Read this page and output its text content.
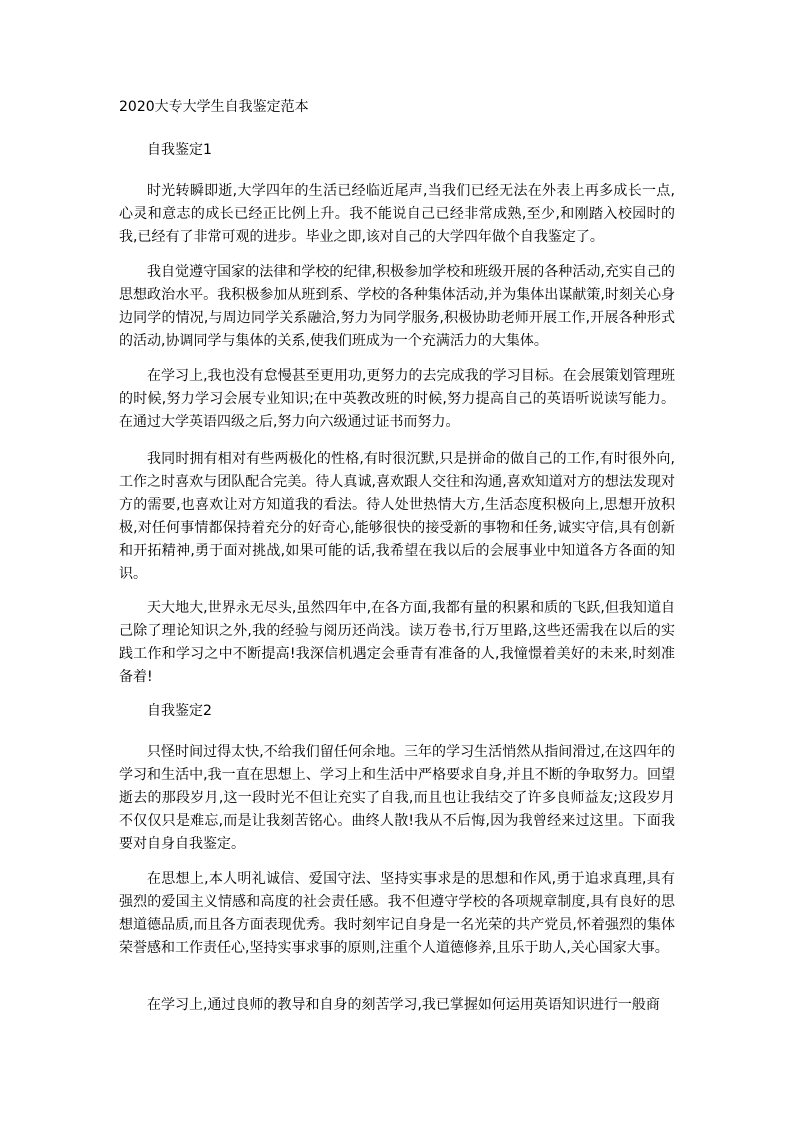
2020大专大学生自我鉴定范本
自我鉴定1

时光转瞬即逝,大学四年的生活已经临近尾声,当我们已经无法在外表上再多成长一点,心灵和意志的成长已经正比例上升。我不能说自己已经非常成熟,至少,和刚踏入校园时的我,已经有了非常可观的进步。毕业之即,该对自己的大学四年做个自我鉴定了。

我自觉遵守国家的法律和学校的纪律,积极参加学校和班级开展的各种活动,充实自己的思想政治水平。我积极参加从班到系、学校的各种集体活动,并为集体出谋献策,时刻关心身边同学的情况,与周边同学关系融洽,努力为同学服务,积极协助老师开展工作,开展各种形式的活动,协调同学与集体的关系,使我们班成为一个充满活力的大集体。

在学习上,我也没有怠慢甚至更用功,更努力的去完成我的学习目标。在会展策划管理班的时候,努力学习会展专业知识;在中英教改班的时候,努力提高自己的英语听说读写能力。在通过大学英语四级之后,努力向六级通过证书而努力。

我同时拥有相对有些两极化的性格,有时很沉默,只是拼命的做自己的工作,有时很外向,工作之时喜欢与团队配合完美。待人真诚,喜欢跟人交往和沟通,喜欢知道对方的想法发现对方的需要,也喜欢让对方知道我的看法。待人处世热情大方,生活态度积极向上,思想开放积极,对任何事情都保持着充分的好奇心,能够很快的接受新的事物和任务,诚实守信,具有创新和开拓精神,勇于面对挑战,如果可能的话,我希望在我以后的会展事业中知道各方各面的知识。

天大地大,世界永无尽头,虽然四年中,在各方面,我都有量的积累和质的飞跃,但我知道自己除了理论知识之外,我的经验与阅历还尚浅。读万卷书,行万里路,这些还需我在以后的实践工作和学习之中不断提高!我深信机遇定会垂青有准备的人,我憧憬着美好的未来,时刻准备着!

自我鉴定2

只怪时间过得太快,不给我们留任何余地。三年的学习生活悄然从指间滑过,在这四年的学习和生活中,我一直在思想上、学习上和生活中严格要求自身,并且不断的争取努力。回望逝去的那段岁月,这一段时光不但让充实了自我,而且也让我结交了许多良师益友;这段岁月不仅仅只是难忘,而是让我刻苦铭心。曲终人散!我从不后悔,因为我曾经来过这里。下面我要对自身自我鉴定。

在思想上,本人明礼诚信、爱国守法、坚持实事求是的思想和作风,勇于追求真理,具有强烈的爱国主义情感和高度的社会责任感。我不但遵守学校的各项规章制度,具有良好的思想道德品质,而且各方面表现优秀。我时刻牢记自身是一名光荣的共产党员,怀着强烈的集体荣誉感和工作责任心,坚持实事求事的原则,注重个人道德修养,且乐于助人,关心国家大事。

在学习上,通过良师的教导和自身的刻苦学习,我已掌握如何运用英语知识进行一般商
